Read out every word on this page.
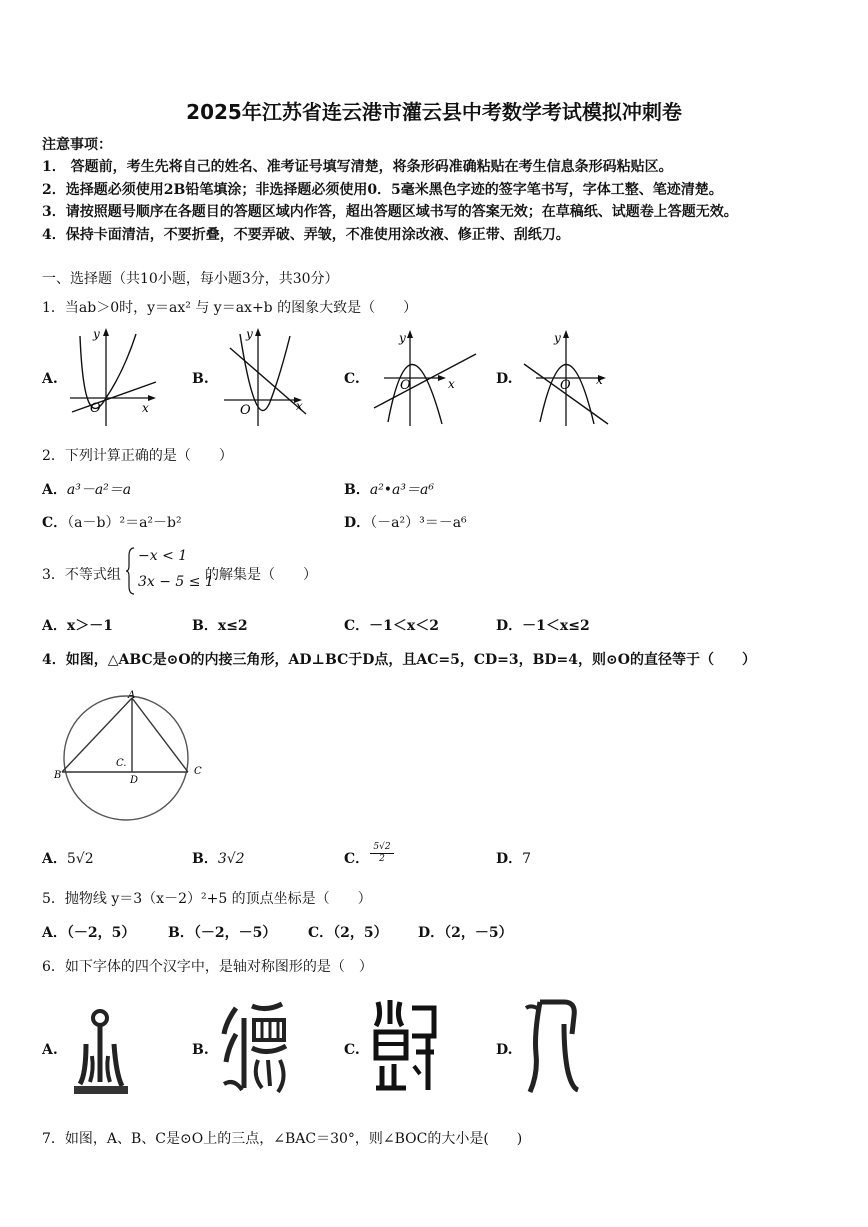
2025年江苏省连云港市灌云县中考数学考试模拟冲刺卷
注意事项：
1． 答题前，考生先将自己的姓名、准考证号填写清楚，将条形码准确粘贴在考生信息条形码粘贴区。
2．选择题必须使用2B铅笔填涂；非选择题必须使用0．5毫米黑色字迹的签字笔书写，字体工整、笔迹清楚。
3．请按照题号顺序在各题目的答题区域内作答，超出答题区域书写的答案无效；在草稿纸、试题卷上答题无效。
4．保持卡面清洁，不要折叠，不要弄破、弄皱，不准使用涂改液、修正带、刮纸刀。
一、选择题（共10小题，每小题3分，共30分）
1．当ab＞0时，y＝ax² 与 y＝ax+b 的图象大致是（　　）
A.	B.	C.	D.
y
x
O
y
x
O
y
x
O
y
x
O
2．下列计算正确的是（　　）
A．a³－a²＝a	B．a²•a³＝a⁶
C．（a－b）²＝a²－b²	D．（－a²）³＝－a⁶
3．不等式组
−x < 1
3x − 5 ≤ 1
的解集是（　　）
A．x＞－1	B．x≤2	C．－1＜x＜2	D．－1＜x≤2
4．如图，△ABC是⊙O的内接三角形，AD⊥BC于D点，且AC=5，CD=3，BD=4，则⊙O的直径等于（　　）
A
B	C
D
C.
A．5√2	B．3√2	C． $\frac{5√2}{2}$	D．7
5．抛物线 y＝3（x－2）²+5 的顶点坐标是（　　）
A．（－2，5） B．（－2，－5） C．（2，5） D．（2，－5）
6．如下字体的四个汉字中，是轴对称图形的是（　）
A.	B.	C.	D.
7．如图，A、B、C是⊙O上的三点，∠BAC＝30°，则∠BOC的大小是(　　)
